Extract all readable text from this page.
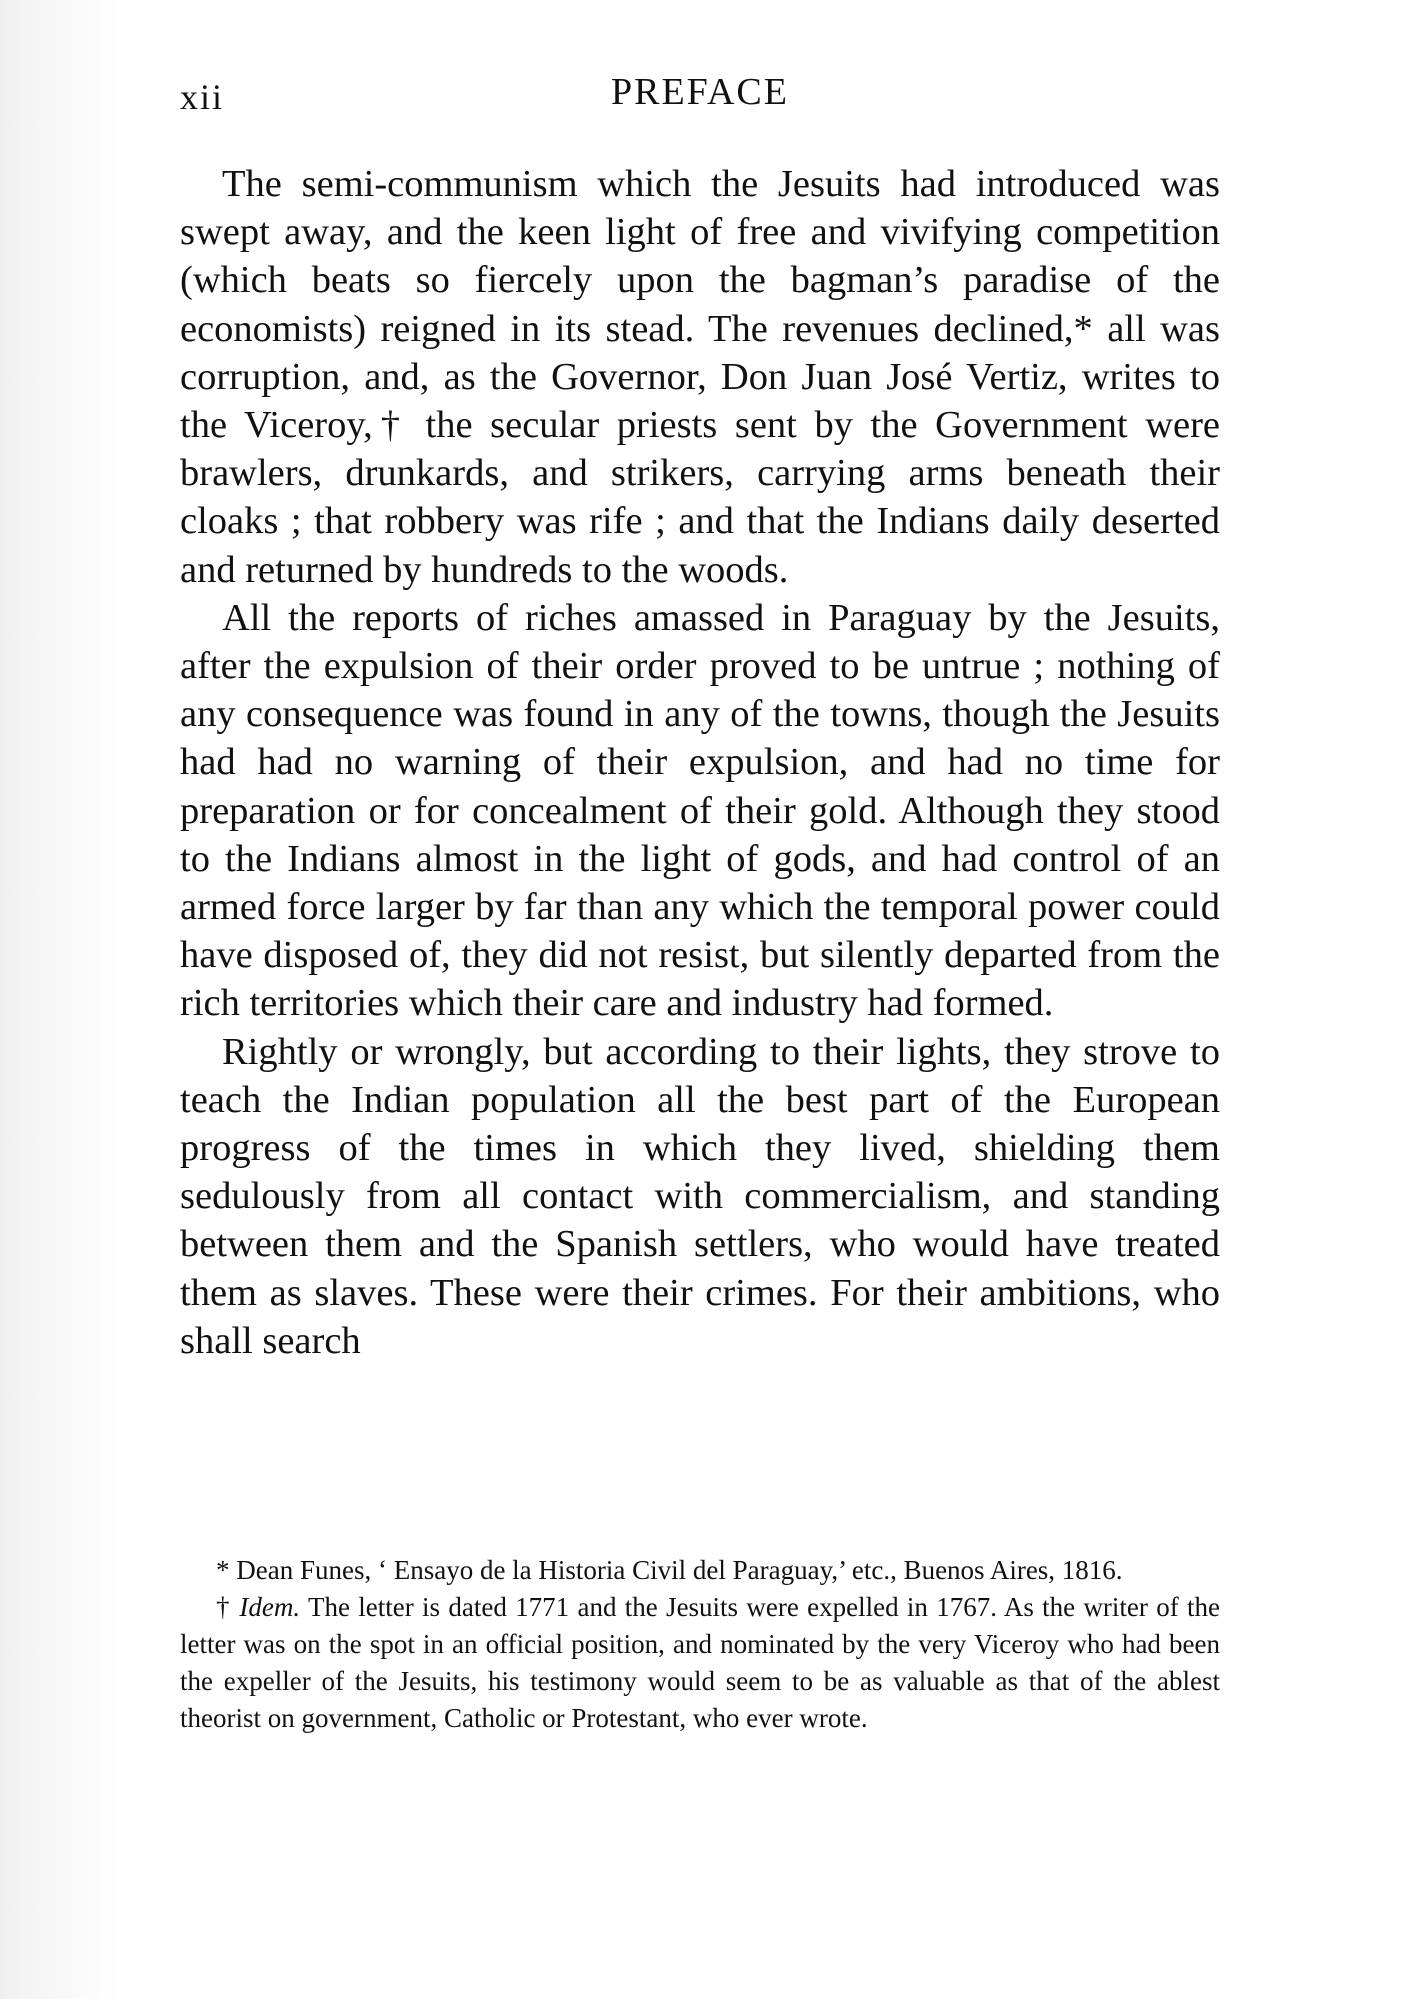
xii	PREFACE

The semi-communism which the Jesuits had introduced was swept away, and the keen light of free and vivifying competition (which beats so fiercely upon the bagman’s paradise of the economists) reigned in its stead. The revenues declined,* all was corruption, and, as the Governor, Don Juan José Vertiz, writes to the Viceroy,† the secular priests sent by the Government were brawlers, drunkards, and strikers, carrying arms beneath their cloaks ; that robbery was rife ; and that the Indians daily deserted and returned by hundreds to the woods.

All the reports of riches amassed in Paraguay by the Jesuits, after the expulsion of their order proved to be untrue ; nothing of any consequence was found in any of the towns, though the Jesuits had had no warning of their expulsion, and had no time for preparation or for concealment of their gold. Although they stood to the Indians almost in the light of gods, and had control of an armed force larger by far than any which the temporal power could have disposed of, they did not resist, but silently departed from the rich territories which their care and industry had formed.

Rightly or wrongly, but according to their lights, they strove to teach the Indian population all the best part of the European progress of the times in which they lived, shielding them sedulously from all contact with commercialism, and standing between them and the Spanish settlers, who would have treated them as slaves. These were their crimes. For their ambitions, who shall search

* Dean Funes, ‘ Ensayo de la Historia Civil del Paraguay,’ etc., Buenos Aires, 1816.

† Idem. The letter is dated 1771 and the Jesuits were expelled in 1767. As the writer of the letter was on the spot in an official position, and nominated by the very Viceroy who had been the expeller of the Jesuits, his testimony would seem to be as valuable as that of the ablest theorist on government, Catholic or Protestant, who ever wrote.
